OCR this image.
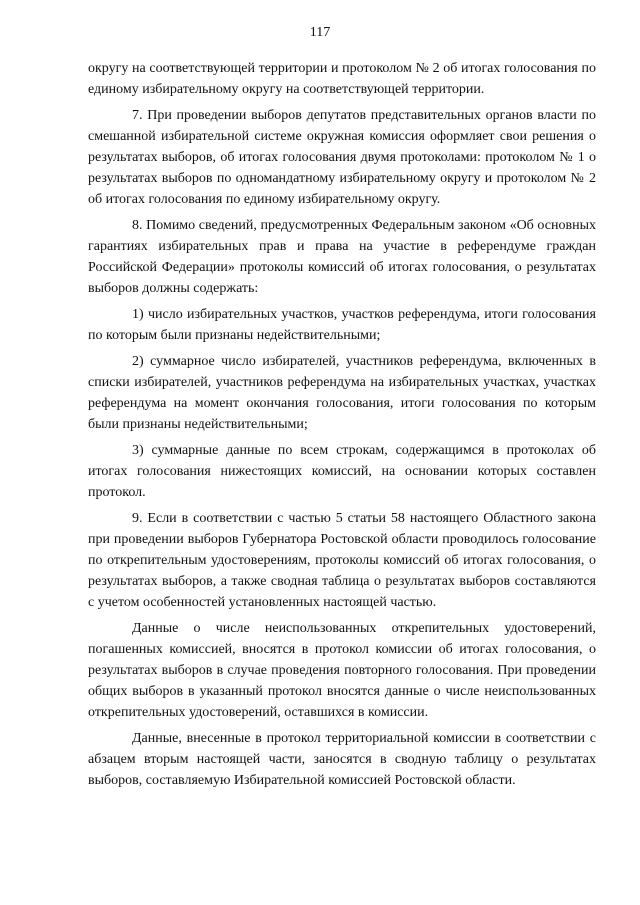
117

округу на соответствующей территории и протоколом № 2 об итогах голосования по единому избирательному округу на соответствующей территории.

7. При проведении выборов депутатов представительных органов власти по смешанной избирательной системе окружная комиссия оформляет свои решения о результатах выборов, об итогах голосования двумя протоколами: протоколом № 1 о результатах выборов по одномандатному избирательному округу и протоколом № 2 об итогах голосования по единому избирательному округу.

8. Помимо сведений, предусмотренных Федеральным законом «Об основных гарантиях избирательных прав и права на участие в референдуме граждан Российской Федерации» протоколы комиссий об итогах голосования, о результатах выборов должны содержать:

1) число избирательных участков, участков референдума, итоги голосования по которым были признаны недействительными;

2) суммарное число избирателей, участников референдума, включенных в списки избирателей, участников референдума на избирательных участках, участках референдума на момент окончания голосования, итоги голосования по которым были признаны недействительными;

3) суммарные данные по всем строкам, содержащимся в протоколах об итогах голосования нижестоящих комиссий, на основании которых составлен протокол.

9. Если в соответствии с частью 5 статьи 58 настоящего Областного закона при проведении выборов Губернатора Ростовской области проводилось голосование по открепительным удостоверениям, протоколы комиссий об итогах голосования, о результатах выборов, а также сводная таблица о результатах выборов составляются с учетом особенностей установленных настоящей частью.

Данные о числе неиспользованных открепительных удостоверений, погашенных комиссией, вносятся в протокол комиссии об итогах голосования, о результатах выборов в случае проведения повторного голосования. При проведении общих выборов в указанный протокол вносятся данные о числе неиспользованных открепительных удостоверений, оставшихся в комиссии.

Данные, внесенные в протокол территориальной комиссии в соответствии с абзацем вторым настоящей части, заносятся в сводную таблицу о результатах выборов, составляемую Избирательной комиссией Ростовской области.
